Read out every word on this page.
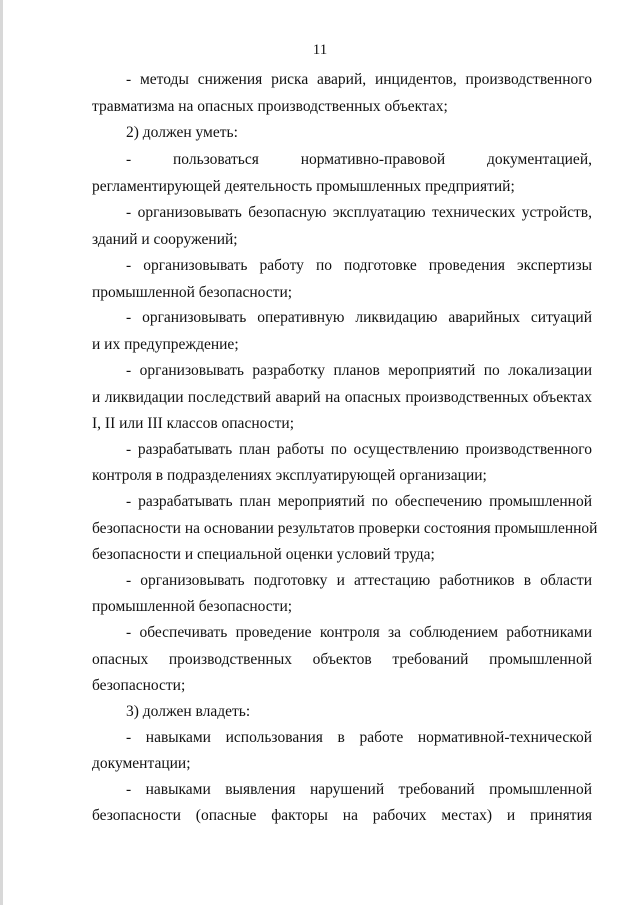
11
- методы снижения риска аварий, инцидентов, производственного
травматизма на опасных производственных объектах;
2) должен уметь:
- пользоваться нормативно-правовой документацией,
регламентирующей деятельность промышленных предприятий;
- организовывать безопасную эксплуатацию технических устройств,
зданий и сооружений;
- организовывать работу по подготовке проведения экспертизы
промышленной безопасности;
- организовывать оперативную ликвидацию аварийных ситуаций
и их предупреждение;
- организовывать разработку планов мероприятий по локализации
и ликвидации последствий аварий на опасных производственных объектах
I, II или III классов опасности;
- разрабатывать план работы по осуществлению производственного
контроля в подразделениях эксплуатирующей организации;
- разрабатывать план мероприятий по обеспечению промышленной
безопасности на основании результатов проверки состояния промышленной
безопасности и специальной оценки условий труда;
- организовывать подготовку и аттестацию работников в области
промышленной безопасности;
- обеспечивать проведение контроля за соблюдением работниками
опасных производственных объектов требований промышленной
безопасности;
3) должен владеть:
- навыками использования в работе нормативной-технической
документации;
- навыками выявления нарушений требований промышленной
безопасности (опасные факторы на рабочих местах) и принятия
